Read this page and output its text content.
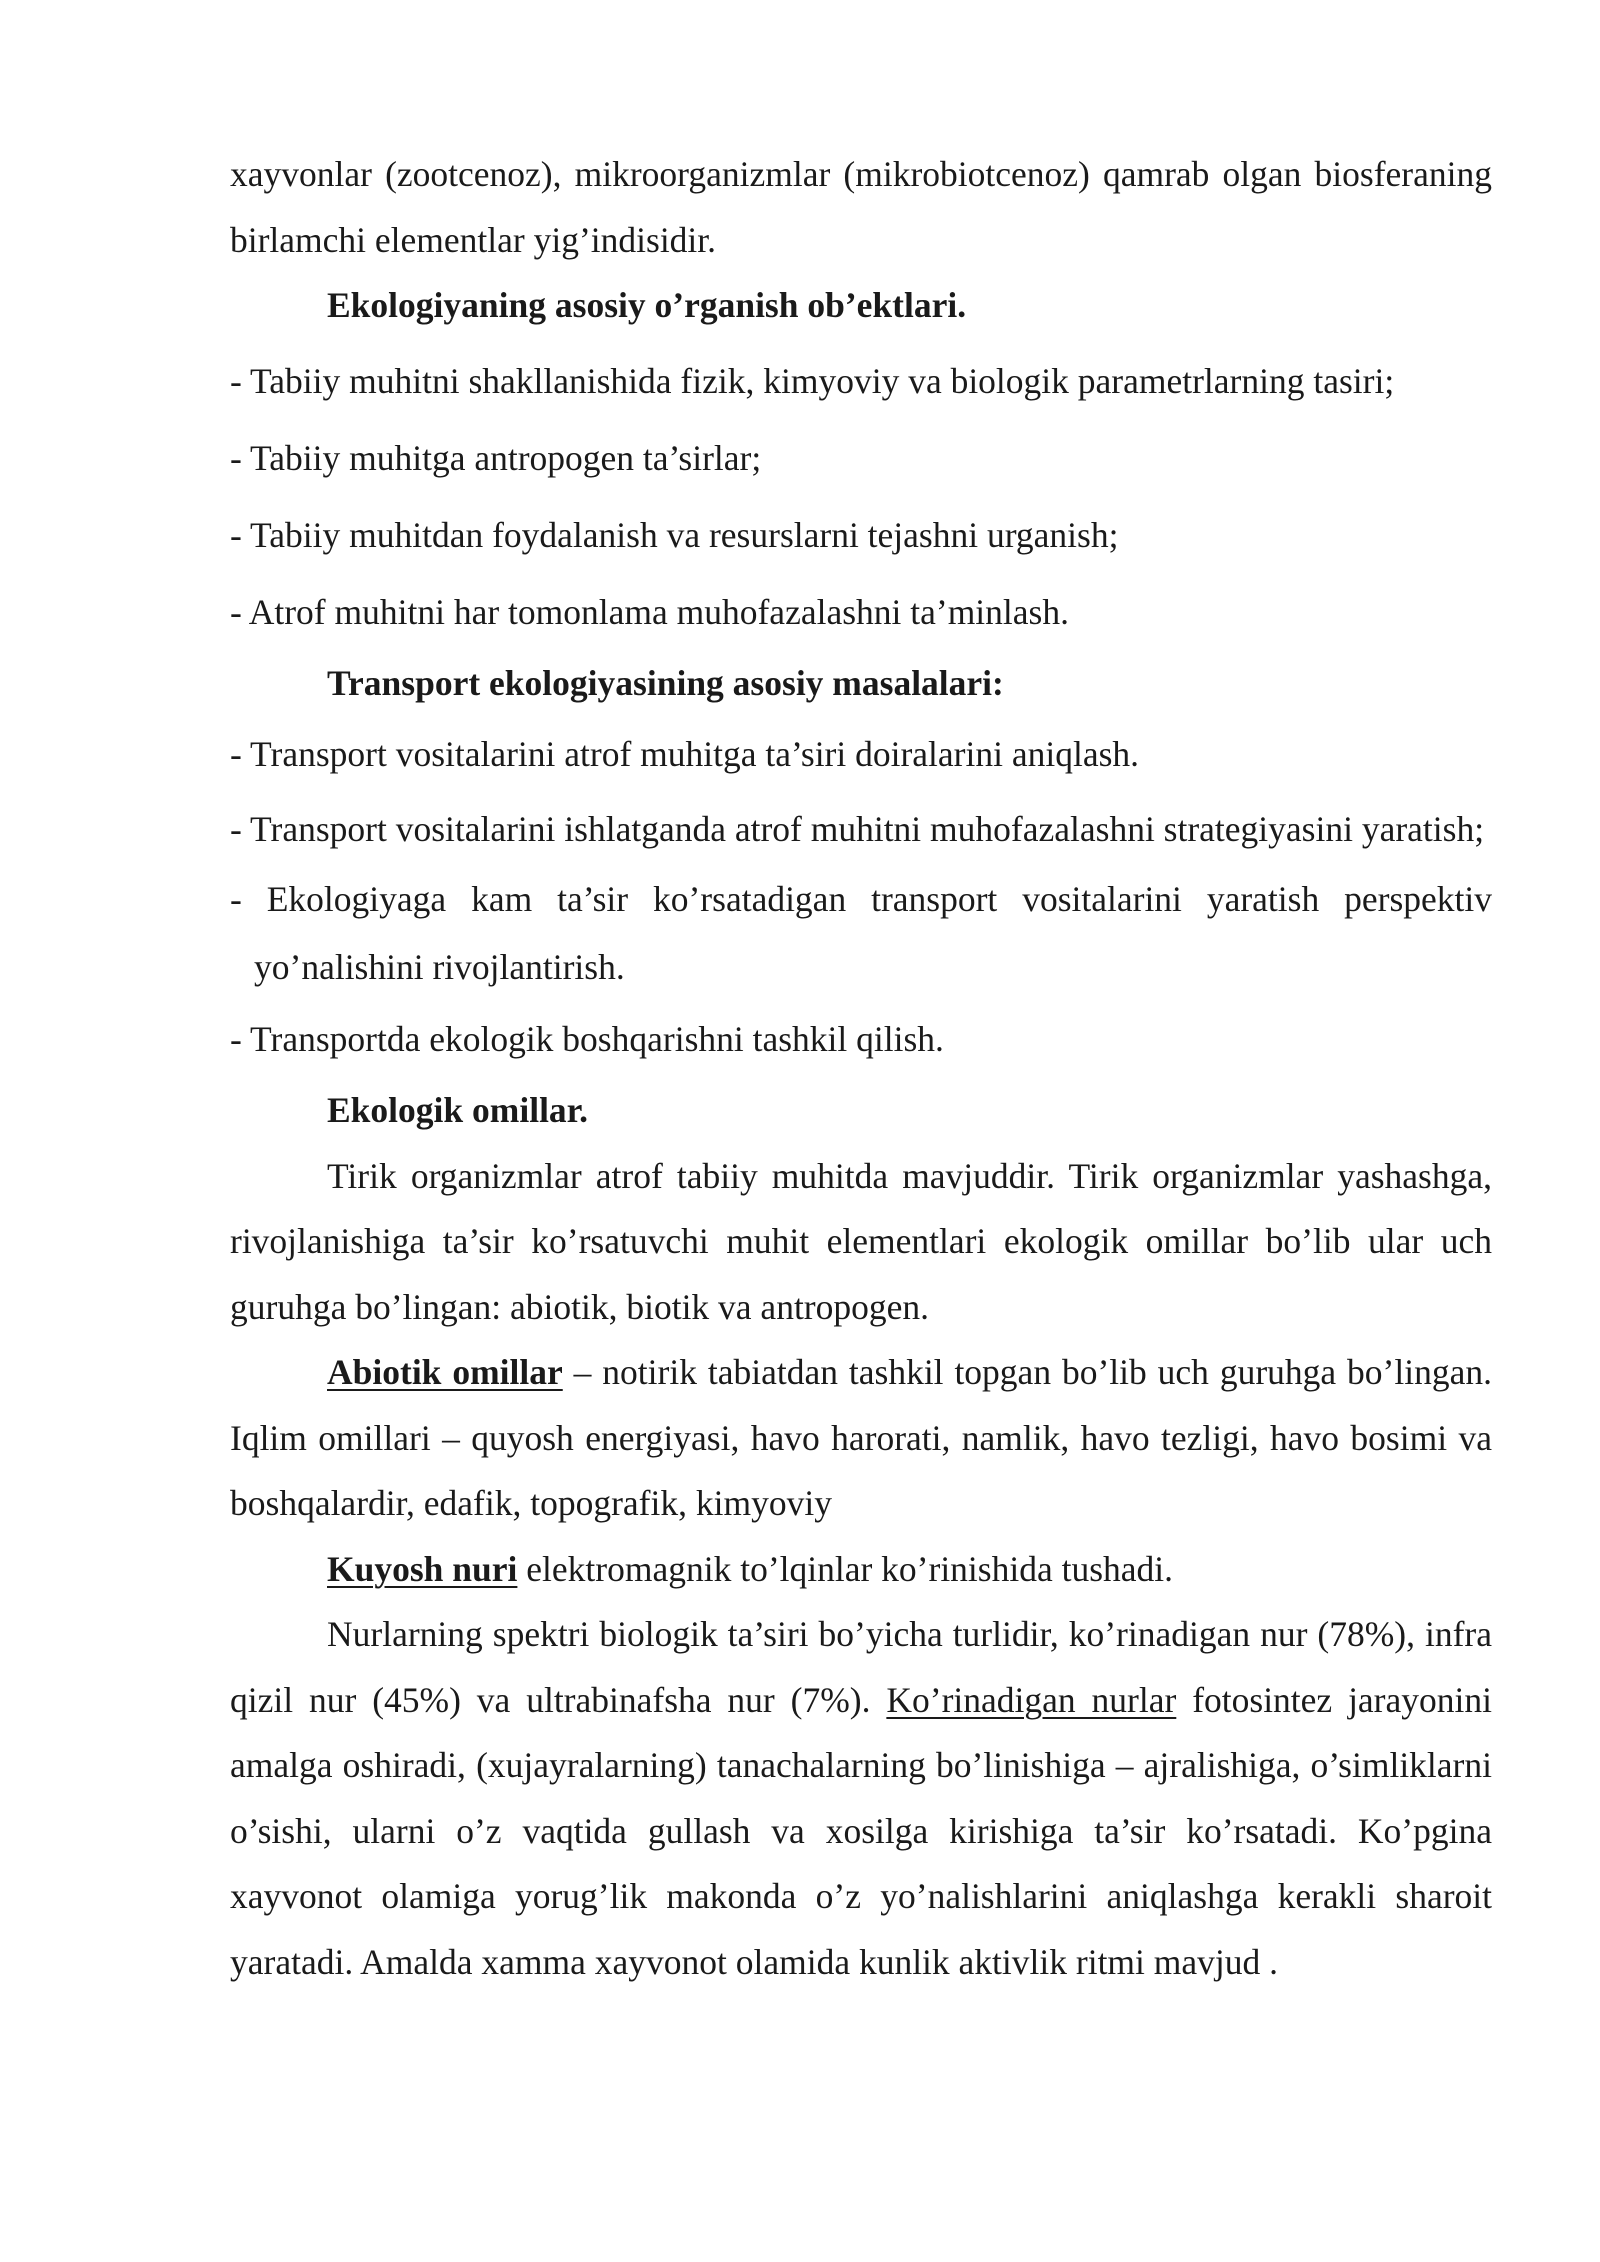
xayvonlar (zootcenoz), mikroorganizmlar (mikrobiotcenoz) qamrab olgan biosferaning birlamchi elementlar yig’indisidir.

Ekologiyaning asosiy o’rganish ob’ektlari.

- Tabiiy muhitni shakllanishida fizik, kimyoviy va biologik parametrlarning tasiri;

- Tabiiy muhitga antropogen ta’sirlar;

- Tabiiy muhitdan foydalanish va resurslarni tejashni urganish;

- Atrof muhitni har tomonlama muhofazalashni ta’minlash.

Transport ekologiyasining asosiy masalalari:

- Transport vositalarini atrof muhitga ta’siri doiralarini aniqlash.

- Transport vositalarini ishlatganda atrof muhitni muhofazalashni strategiyasini yaratish;

- Ekologiyaga kam ta’sir ko’rsatadigan transport vositalarini yaratish perspektiv yo’nalishini rivojlantirish.

- Transportda ekologik boshqarishni tashkil qilish.

Ekologik omillar.

Tirik organizmlar atrof tabiiy muhitda mavjuddir. Tirik organizmlar yashashga, rivojlanishiga ta’sir ko’rsatuvchi muhit elementlari ekologik omillar bo’lib ular uch guruhga bo’lingan: abiotik, biotik va antropogen.

Abiotik omillar – notirik tabiatdan tashkil topgan bo’lib uch guruhga bo’lingan. Iqlim omillari – quyosh energiyasi, havo harorati, namlik, havo tezligi, havo bosimi va boshqalardir, edafik, topografik, kimyoviy

Kuyosh nuri elektromagnik to’lqinlar ko’rinishida tushadi.

Nurlarning spektri biologik ta’siri bo’yicha turlidir, ko’rinadigan nur (78%), infra qizil nur (45%) va ultrabinafsha nur (7%). Ko’rinadigan nurlar fotosintez jarayonini amalga oshiradi, (xujayralarning) tanachalarning bo’linishiga – ajralishiga, o’simliklarni o’sishi, ularni o’z vaqtida gullash va xosilga kirishiga ta’sir ko’rsatadi. Ko’pgina xayvonot olamiga yorug’lik makonda o’z yo’nalishlarini aniqlashga kerakli sharoit yaratadi. Amalda xamma xayvonot olamida kunlik aktivlik ritmi mavjud .
